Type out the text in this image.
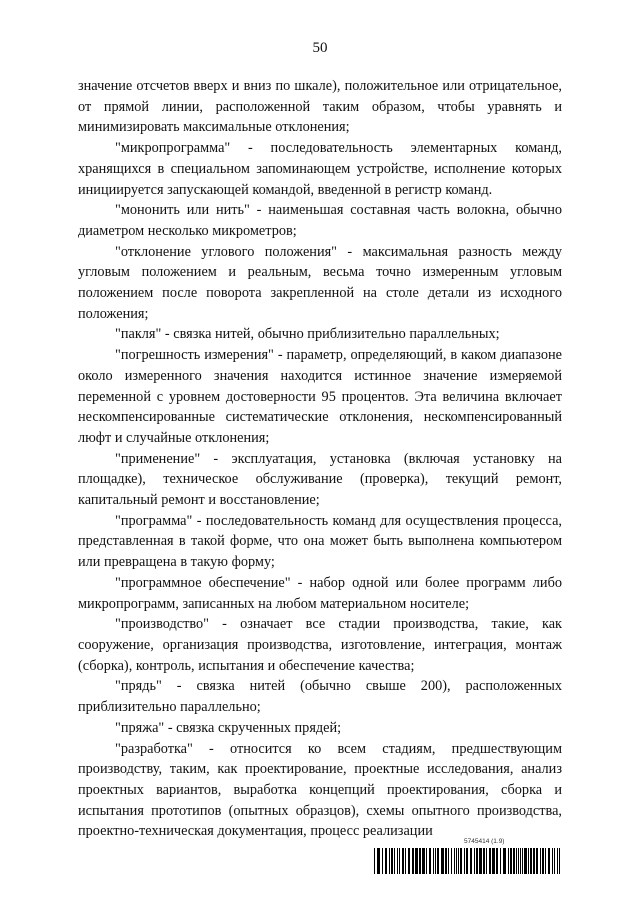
50

значение отсчетов вверх и вниз по шкале), положительное или отрицательное, от прямой линии, расположенной таким образом, чтобы уравнять и минимизировать максимальные отклонения;

"микропрограмма" - последовательность элементарных команд, хранящихся в специальном запоминающем устройстве, исполнение которых инициируется запускающей командой, введенной в регистр команд.

"мононить или нить" - наименьшая составная часть волокна, обычно диаметром несколько микрометров;

"отклонение углового положения" - максимальная разность между угловым положением и реальным, весьма точно измеренным угловым положением после поворота закрепленной на столе детали из исходного положения;

"пакля" - связка нитей, обычно приблизительно параллельных;

"погрешность измерения" - параметр, определяющий, в каком диапазоне около измеренного значения находится истинное значение измеряемой переменной с уровнем достоверности 95 процентов. Эта величина включает нескомпенсированные систематические отклонения, нескомпенсированный люфт и случайные отклонения;

"применение" - эксплуатация, установка (включая установку на площадке), техническое обслуживание (проверка), текущий ремонт, капитальный ремонт и восстановление;

"программа" - последовательность команд для осуществления процесса, представленная в такой форме, что она может быть выполнена компьютером или превращена в такую форму;

"программное обеспечение" - набор одной или более программ либо микропрограмм, записанных на любом материальном носителе;

"производство" - означает все стадии производства, такие, как сооружение, организация производства, изготовление, интеграция, монтаж (сборка), контроль, испытания и обеспечение качества;

"прядь" - связка нитей (обычно свыше 200), расположенных приблизительно параллельно;

"пряжа" - связка скрученных прядей;

"разработка" - относится ко всем стадиям, предшествующим производству, таким, как проектирование, проектные исследования, анализ проектных вариантов, выработка концепций проектирования, сборка и испытания прототипов (опытных образцов), схемы опытного производства, проектно-техническая документация, процесс реализации

5745414 (1.9)
